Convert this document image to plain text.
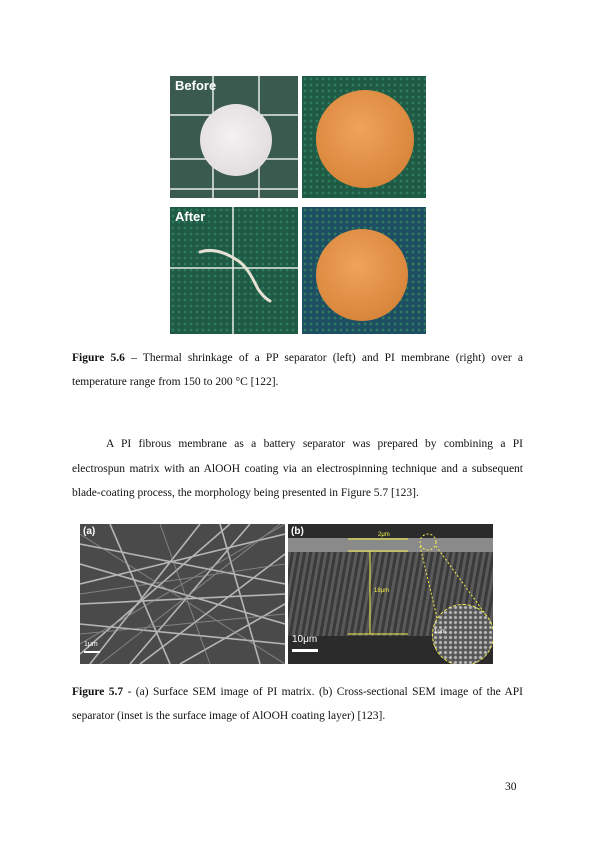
Before
After
Figure 5.6 – Thermal shrinkage of a PP separator (left) and PI membrane (right) over a
temperature range from 150 to 200 °C [122].
A PI fibrous membrane as a battery separator was prepared by combining a PI
electrospun matrix with an AlOOH coating via an electrospinning technique and a subsequent
blade-coating process, the morphology being presented in Figure 5.7 [123].
(a)
1μm
2μm
18μm
1μm
(b)
10μm
Figure 5.7 - (a) Surface SEM image of PI matrix. (b) Cross-sectional SEM image of the API
separator (inset is the surface image of AlOOH coating layer) [123].
30
